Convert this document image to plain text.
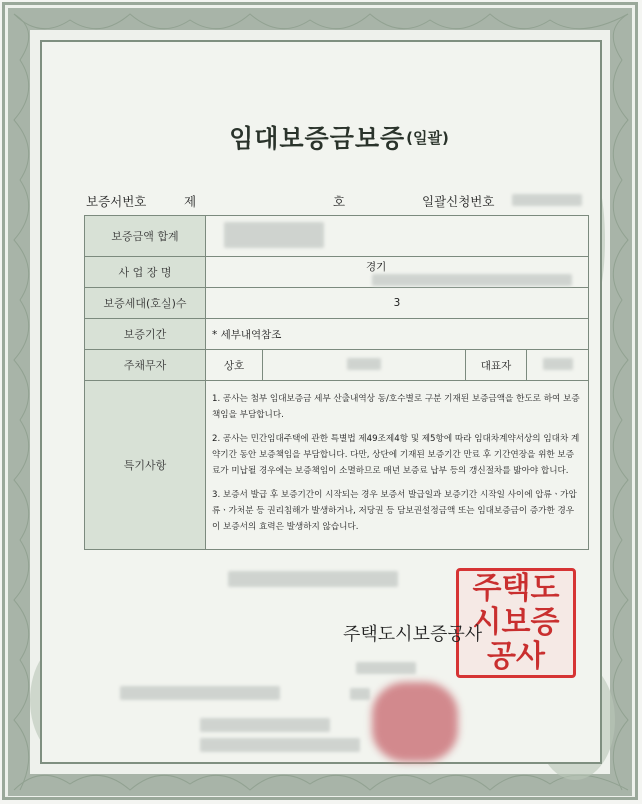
임대보증금보증 (일괄)
보증서번호	제	호	일괄신청번호
보증금액 합계				
사 업 장 명	경기			
보증세대(호실)수	3			
보증기간	* 세부내역참조			
주채무자	상호		대표자	
특기사항	1. 공사는 첨부 임대보증금 세부 산출내역상 동/호수별로 구분 기재된 보증금액을 한도로 하여 보증책임을 부담합니다.

2. 공사는 민간임대주택에 관한 특별법 제49조제4항 및 제5항에 따라 임대차계약서상의 임대차 계약기간 동안 보증책임을 부담합니다. 다만, 상단에 기재된 보증기간 만료 후 기간연장을 위한 보증료가 미납될 경우에는 보증책임이 소멸하므로 매년 보증료 납부 등의 갱신절차를 밟아야 합니다.

3. 보증서 발급 후 보증기간이 시작되는 경우 보증서 발급일과 보증기간 시작일 사이에 압류ㆍ가압류ㆍ가처분 등 권리침해가 발생하거나, 저당권 등 담보권설정금액 또는 임대보증금이 증가한 경우 이 보증서의 효력은 발생하지 않습니다.			

주 택 도
시 보 증
공 사
주택도시보증공사
